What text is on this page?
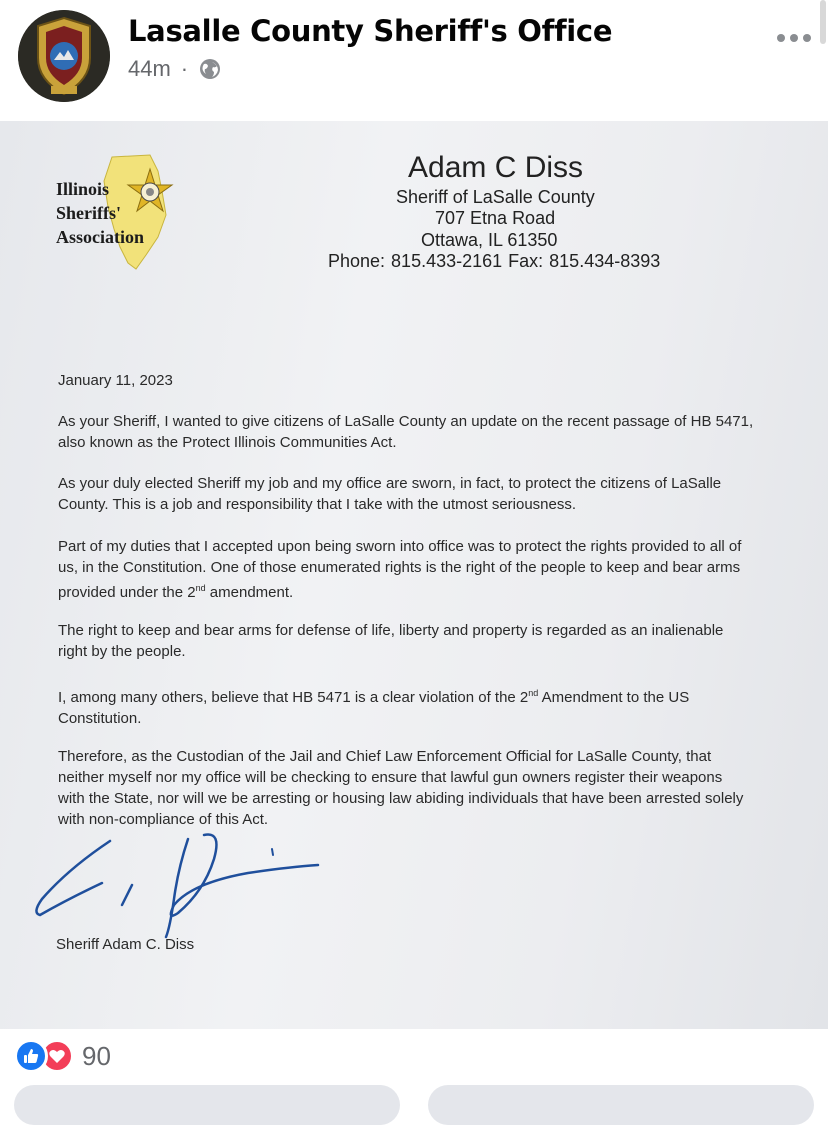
Lasalle County Sheriff's Office
44m ·
Illinois
Sheriffs'
Association
Adam C Diss
Sheriff of LaSalle County
707 Etna Road
Ottawa, IL 61350
Phone: 815.433-2161 Fax: 815.434-8393
January 11, 2023
As your Sheriff, I wanted to give citizens of LaSalle County an update on the recent passage of HB 5471,
also known as the Protect Illinois Communities Act.
As your duly elected Sheriff my job and my office are sworn, in fact, to protect the citizens of LaSalle
County. This is a job and responsibility that I take with the utmost seriousness.
Part of my duties that I accepted upon being sworn into office was to protect the rights provided to all of
us, in the Constitution. One of those enumerated rights is the right of the people to keep and bear arms
provided under the 2nd amendment.
The right to keep and bear arms for defense of life, liberty and property is regarded as an inalienable
right by the people.
I, among many others, believe that HB 5471 is a clear violation of the 2nd Amendment to the US
Constitution.
Therefore, as the Custodian of the Jail and Chief Law Enforcement Official for LaSalle County, that
neither myself nor my office will be checking to ensure that lawful gun owners register their weapons
with the State, nor will we be arresting or housing law abiding individuals that have been arrested solely
with non-compliance of this Act.
Sheriff Adam C. Diss
90
